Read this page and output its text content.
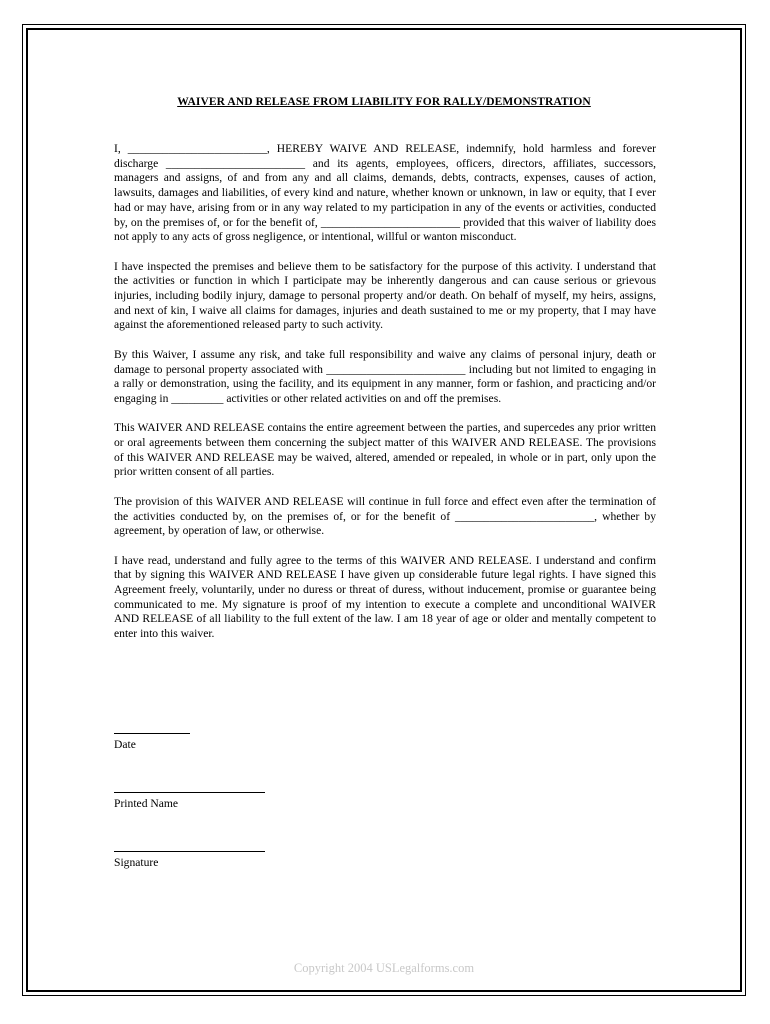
WAIVER AND RELEASE FROM LIABILITY FOR RALLY/DEMONSTRATION

I, ________________________, HEREBY WAIVE AND RELEASE, indemnify, hold harmless and forever discharge ________________________ and its agents, employees, officers, directors, affiliates, successors, managers and assigns, of and from any and all claims, demands, debts, contracts, expenses, causes of action, lawsuits, damages and liabilities, of every kind and nature, whether known or unknown, in law or equity, that I ever had or may have, arising from or in any way related to my participation in any of the events or activities, conducted by, on the premises of, or for the benefit of, ________________________ provided that this waiver of liability does not apply to any acts of gross negligence, or intentional, willful or wanton misconduct.

I have inspected the premises and believe them to be satisfactory for the purpose of this activity. I understand that the activities or function in which I participate may be inherently dangerous and can cause serious or grievous injuries, including bodily injury, damage to personal property and/or death. On behalf of myself, my heirs, assigns, and next of kin, I waive all claims for damages, injuries and death sustained to me or my property, that I may have against the aforementioned released party to such activity.

By this Waiver, I assume any risk, and take full responsibility and waive any claims of personal injury, death or damage to personal property associated with ________________________ including but not limited to engaging in a rally or demonstration, using the facility, and its equipment in any manner, form or fashion, and practicing and/or engaging in _________ activities or other related activities on and off the premises.

This WAIVER AND RELEASE contains the entire agreement between the parties, and supercedes any prior written or oral agreements between them concerning the subject matter of this WAIVER AND RELEASE. The provisions of this WAIVER AND RELEASE may be waived, altered, amended or repealed, in whole or in part, only upon the prior written consent of all parties.

The provision of this WAIVER AND RELEASE will continue in full force and effect even after the termination of the activities conducted by, on the premises of, or for the benefit of ________________________, whether by agreement, by operation of law, or otherwise.

I have read, understand and fully agree to the terms of this WAIVER AND RELEASE. I understand and confirm that by signing this WAIVER AND RELEASE I have given up considerable future legal rights. I have signed this Agreement freely, voluntarily, under no duress or threat of duress, without inducement, promise or guarantee being communicated to me. My signature is proof of my intention to execute a complete and unconditional WAIVER AND RELEASE of all liability to the full extent of the law. I am 18 year of age or older and mentally competent to enter into this waiver.

Date
Printed Name
Signature
Copyright 2004 USLegalforms.com
